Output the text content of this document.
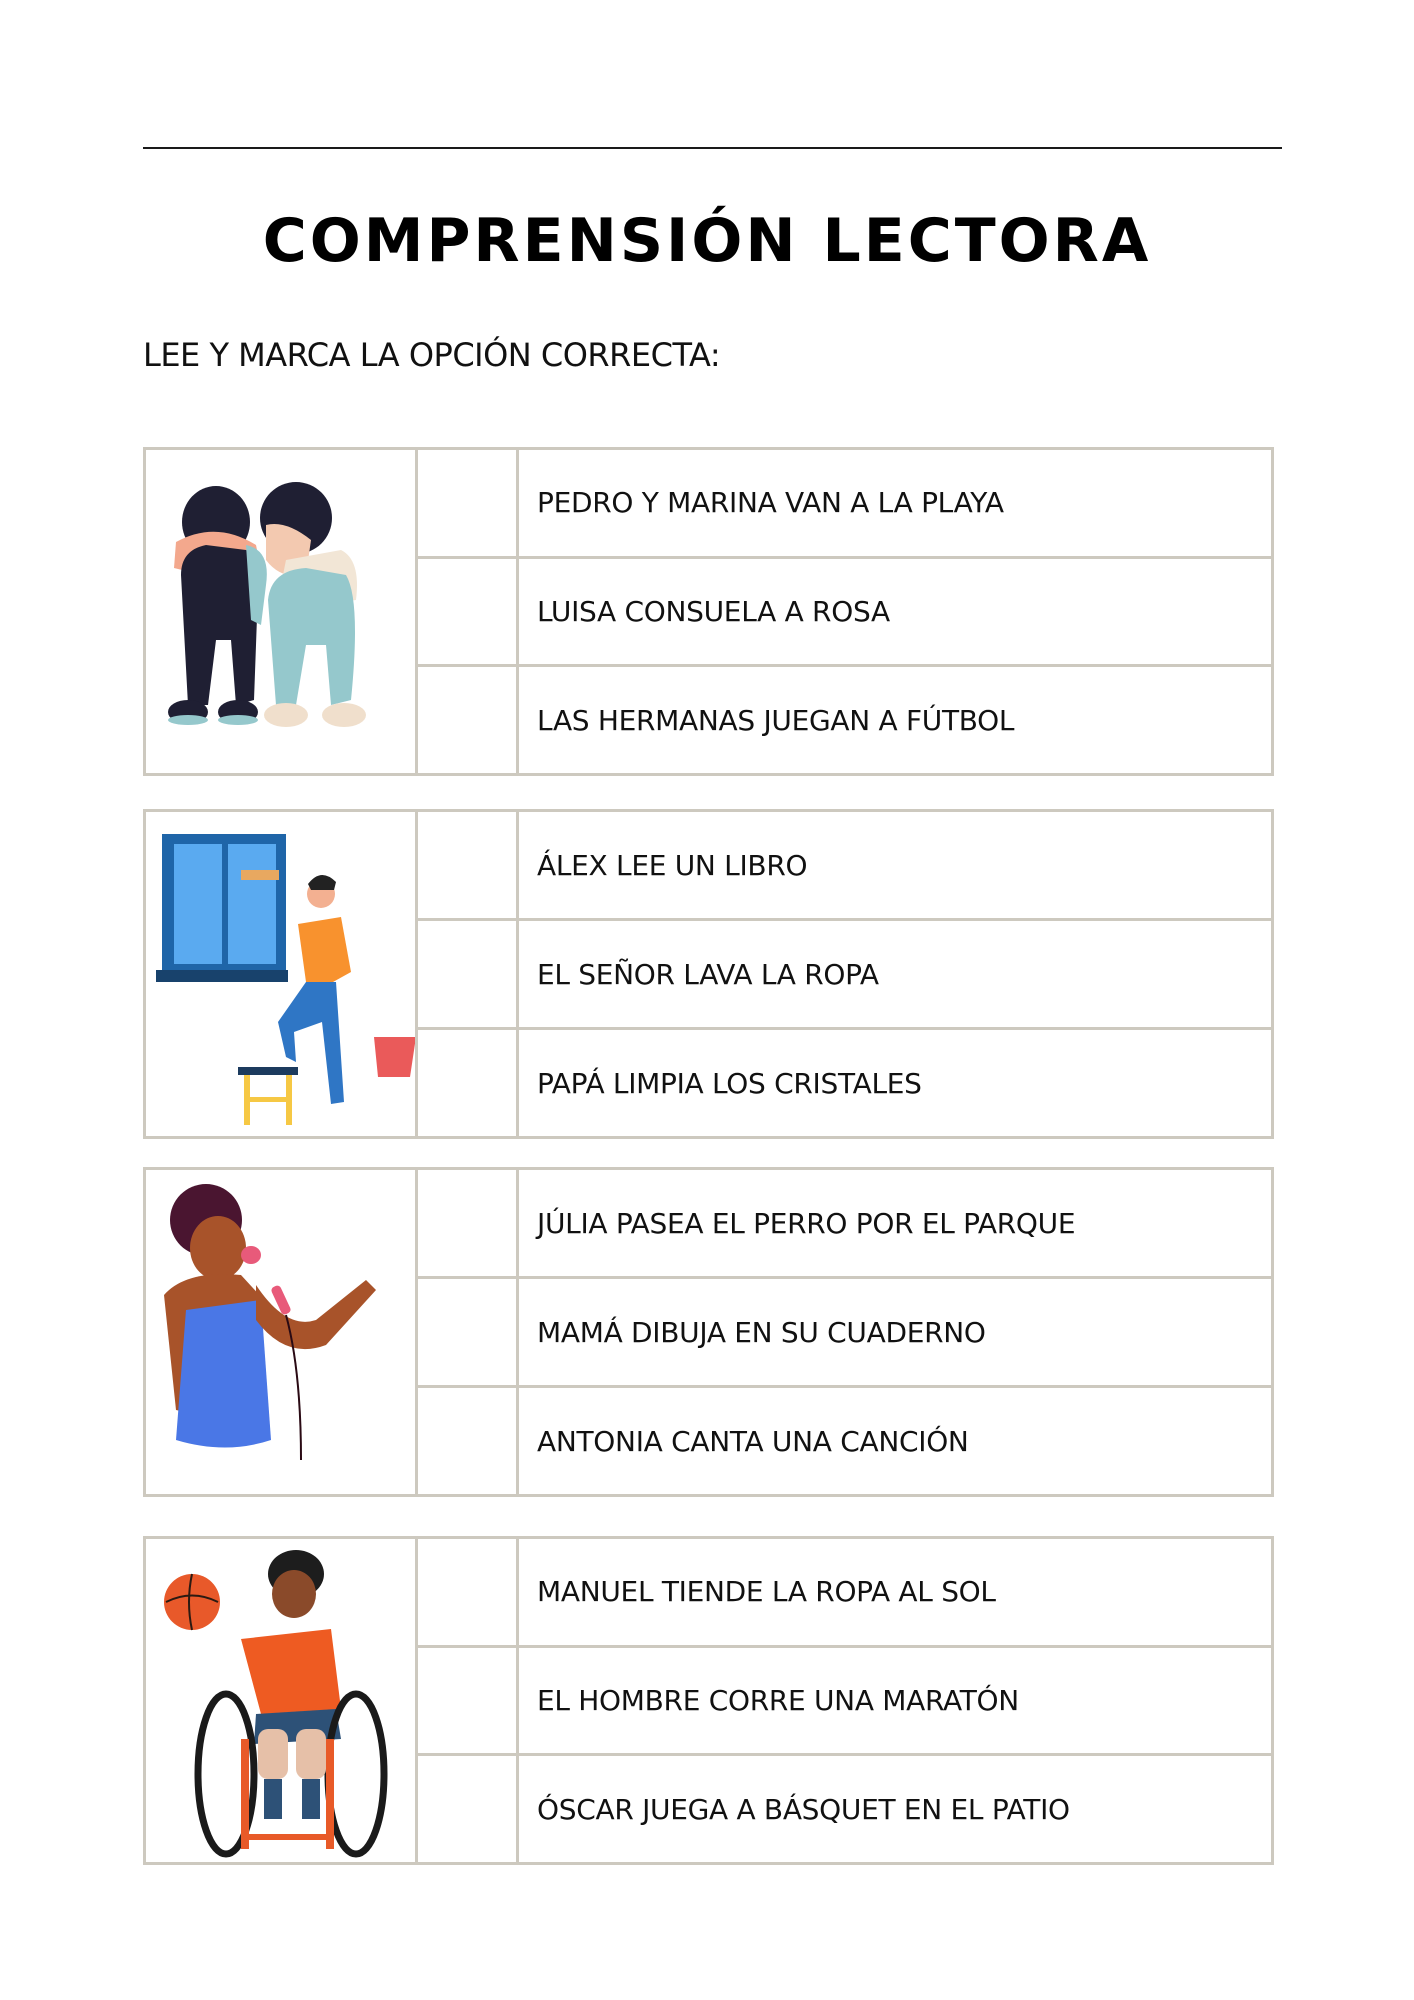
COMPRENSIÓN LECTORA
LEE Y MARCA LA OPCIÓN CORRECTA:
PEDRO Y MARINA VAN A LA PLAYA
LUISA CONSUELA A ROSA
LAS HERMANAS JUEGAN A FÚTBOL
ÁLEX LEE UN LIBRO
EL SEÑOR LAVA LA ROPA
PAPÁ LIMPIA LOS CRISTALES
JÚLIA PASEA EL PERRO POR EL PARQUE
MAMÁ DIBUJA EN SU CUADERNO
ANTONIA CANTA UNA CANCIÓN
MANUEL TIENDE LA ROPA AL SOL
EL HOMBRE CORRE UNA MARATÓN
ÓSCAR JUEGA A BÁSQUET EN EL PATIO
